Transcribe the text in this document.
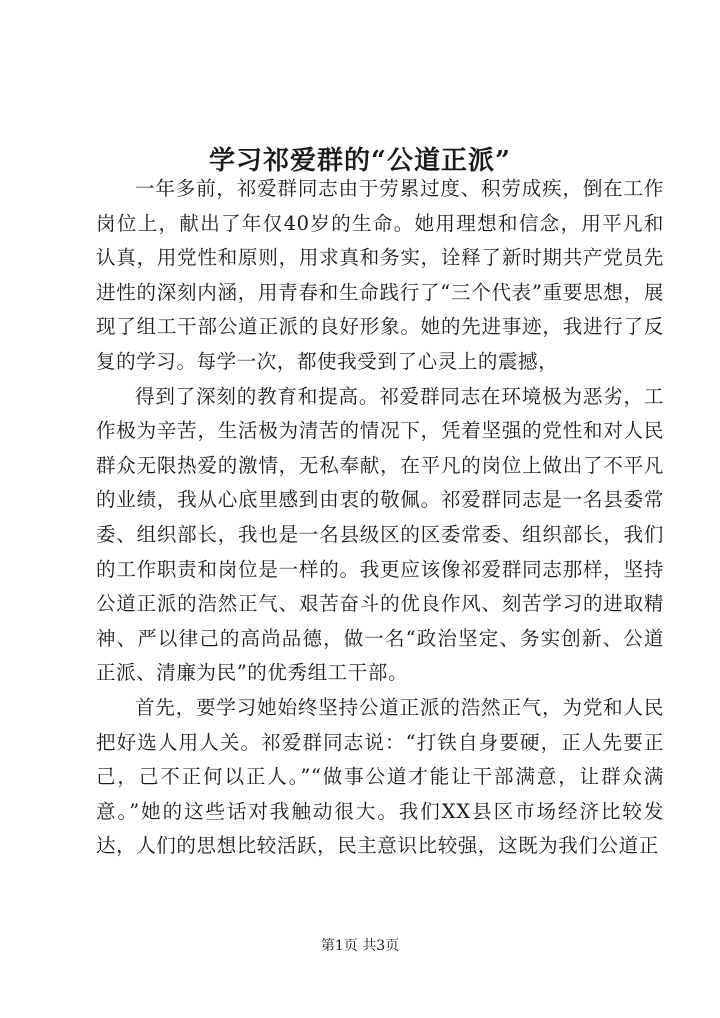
学习祁爱群的“公道正派”

一年多前，祁爱群同志由于劳累过度、积劳成疾，倒在工作岗位上，献出了年仅40岁的生命。她用理想和信念，用平凡和认真，用党性和原则，用求真和务实，诠释了新时期共产党员先进性的深刻内涵，用青春和生命践行了“三个代表”重要思想，展现了组工干部公道正派的良好形象。她的先进事迹，我进行了反复的学习。每学一次，都使我受到了心灵上的震撼，

得到了深刻的教育和提高。祁爱群同志在环境极为恶劣，工作极为辛苦，生活极为清苦的情况下，凭着坚强的党性和对人民群众无限热爱的激情，无私奉献，在平凡的岗位上做出了不平凡的业绩，我从心底里感到由衷的敬佩。祁爱群同志是一名县委常委、组织部长，我也是一名县级区的区委常委、组织部长，我们的工作职责和岗位是一样的。我更应该像祁爱群同志那样，坚持公道正派的浩然正气、艰苦奋斗的优良作风、刻苦学习的进取精神、严以律己的高尚品德，做一名“政治坚定、务实创新、公道正派、清廉为民”的优秀组工干部。

首先，要学习她始终坚持公道正派的浩然正气，为党和人民把好选人用人关。祁爱群同志说：“打铁自身要硬，正人先要正己，己不正何以正人。”“做事公道才能让干部满意，让群众满意。”她的这些话对我触动很大。我们XX县区市场经济比较发达，人们的思想比较活跃，民主意识比较强，这既为我们公道正

第1页 共3页
